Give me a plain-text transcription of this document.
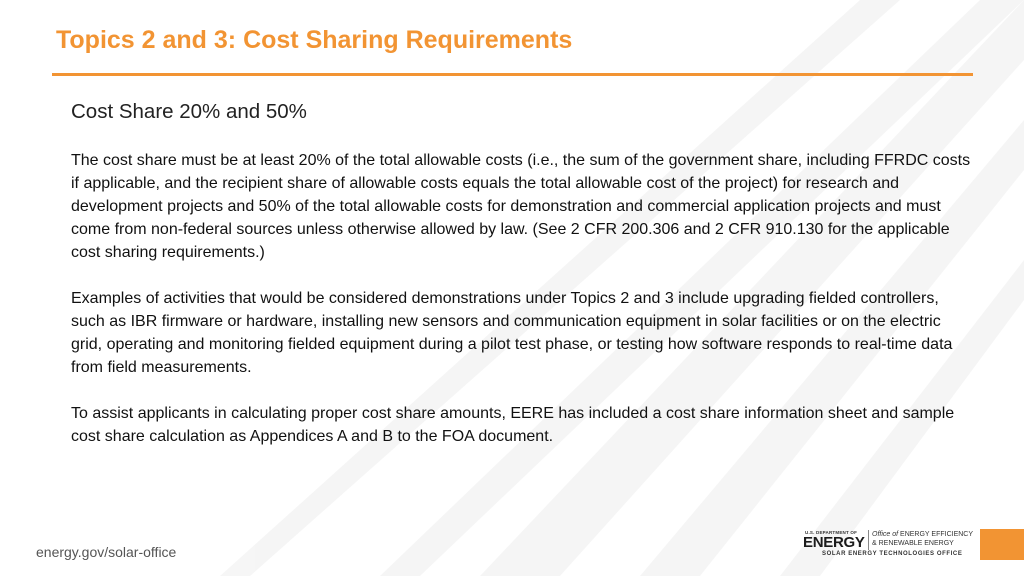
Topics 2 and 3: Cost Sharing Requirements
Cost Share 20% and 50%

The cost share must be at least 20% of the total allowable costs (i.e., the sum of the government share, including FFRDC costs if applicable, and the recipient share of allowable costs equals the total allowable cost of the project) for research and development projects and 50% of the total allowable costs for demonstration and commercial application projects and must come from non-federal sources unless otherwise allowed by law. (See 2 CFR 200.306 and 2 CFR 910.130 for the applicable cost sharing requirements.)

Examples of activities that would be considered demonstrations under Topics 2 and 3 include upgrading fielded controllers, such as IBR firmware or hardware, installing new sensors and communication equipment in solar facilities or on the electric grid, operating and monitoring fielded equipment during a pilot test phase, or testing how software responds to real-time data from field measurements.

To assist applicants in calculating proper cost share amounts, EERE has included a cost share information sheet and sample cost share calculation as Appendices A and B to the FOA document.

energy.gov/solar-office
U.S. DEPARTMENT OF
ENERGY Office of ENERGY EFFICIENCY
& RENEWABLE ENERGY
SOLAR ENERGY TECHNOLOGIES OFFICE
